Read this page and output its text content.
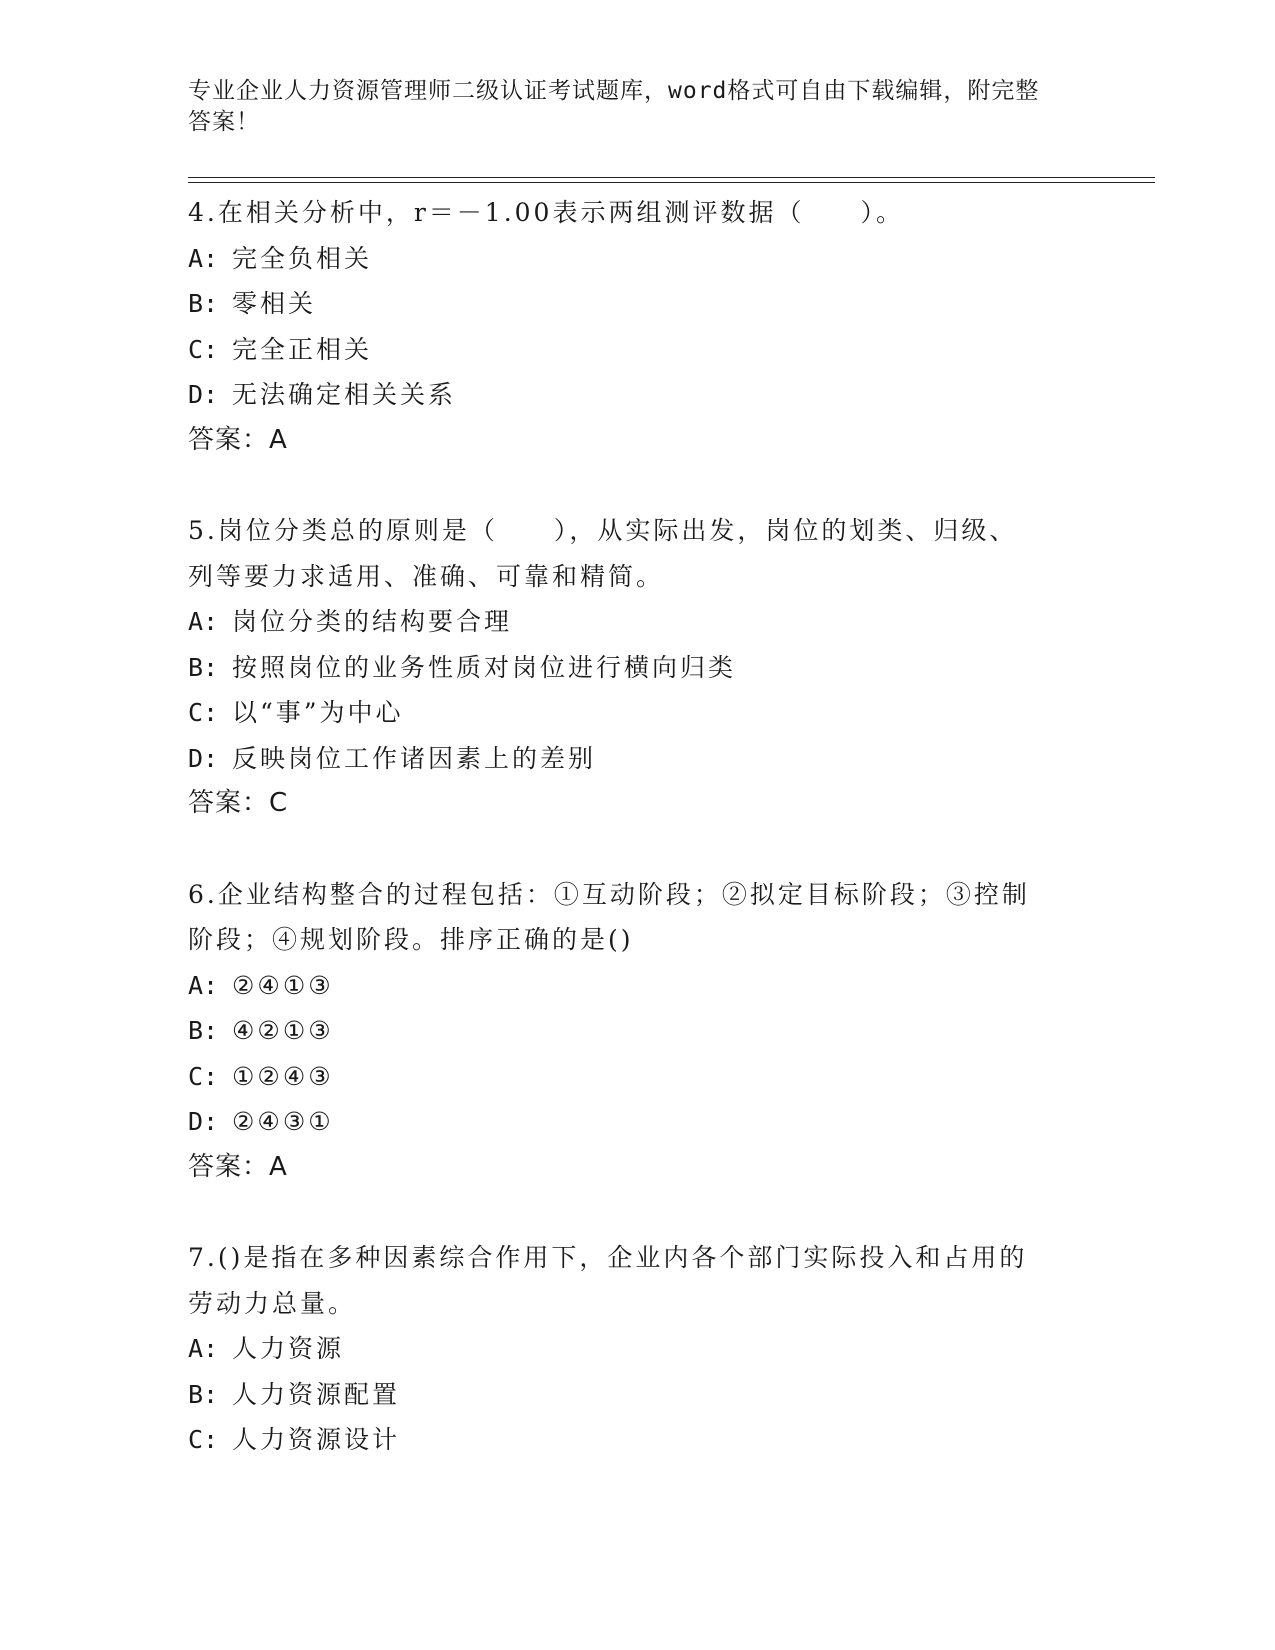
专业企业人力资源管理师二级认证考试题库，word格式可自由下载编辑，附完整
答案！

4.在相关分析中，r＝－1.00表示两组测评数据（　　）。

A: 完全负相关

B: 零相关

C: 完全正相关

D: 无法确定相关关系

答案：A

5.岗位分类总的原则是（　　），从实际出发，岗位的划类、归级、

列等要力求适用、准确、可靠和精简。

A: 岗位分类的结构要合理

B: 按照岗位的业务性质对岗位进行横向归类

C: 以“事”为中心

D: 反映岗位工作诸因素上的差别

答案：C

6.企业结构整合的过程包括：①互动阶段；②拟定目标阶段；③控制

阶段；④规划阶段。排序正确的是()

A: ②④①③

B: ④②①③

C: ①②④③

D: ②④③①

答案：A

7.()是指在多种因素综合作用下，企业内各个部门实际投入和占用的

劳动力总量。

A: 人力资源

B: 人力资源配置

C: 人力资源设计
